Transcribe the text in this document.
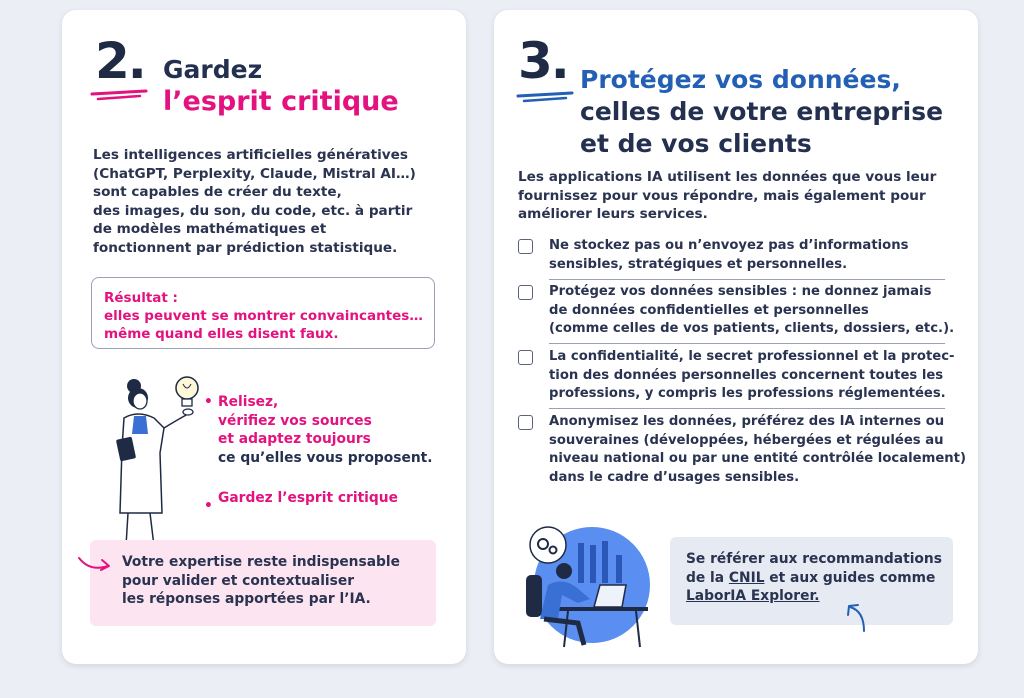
2. Gardez
l’esprit critique
Les intelligences artificielles génératives
(ChatGPT, Perplexity, Claude, Mistral AI…)
sont capables de créer du texte,
des images, du son, du code, etc. à partir
de modèles mathématiques et
fonctionnent par prédiction statistique.
Résultat :
elles peuvent se montrer convaincantes…
même quand elles disent faux.
• Relisez,
vérifiez vos sources
et adaptez toujours
ce qu’elles vous proposent.
• Gardez l’esprit critique
Votre expertise reste indispensable
pour valider et contextualiser
les réponses apportées par l’IA.
3. Protégez vos données,
celles de votre entreprise
et de vos clients
Les applications IA utilisent les données que vous leur
fournissez pour vous répondre, mais également pour
améliorer leurs services.
Ne stockez pas ou n’envoyez pas d’informations
sensibles, stratégiques et personnelles.
Protégez vos données sensibles : ne donnez jamais
de données confidentielles et personnelles
(comme celles de vos patients, clients, dossiers, etc.).
La confidentialité, le secret professionnel et la protec-
tion des données personnelles concernent toutes les
professions, y compris les professions réglementées.
Anonymisez les données, préférez des IA internes ou
souveraines (développées, hébergées et régulées au
niveau national ou par une entité contrôlée localement)
dans le cadre d’usages sensibles.
Se référer aux recommandations
de la CNIL et aux guides comme
LaborIA Explorer.
